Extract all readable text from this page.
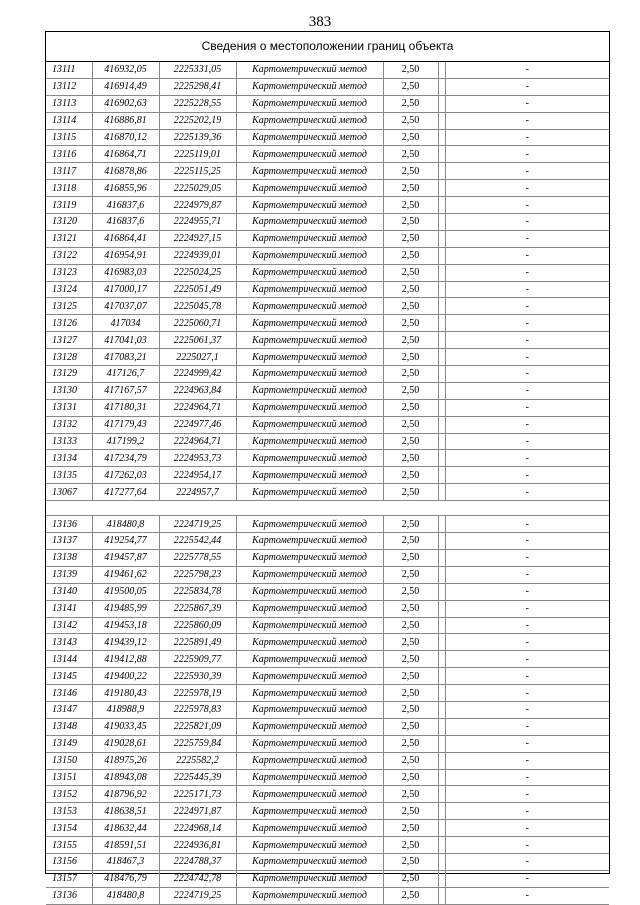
383
Сведения о местоположении границ объекта
13111	416932,05	2225331,05	Картометрический метод	2,50		-
13112	416914,49	2225298,41	Картометрический метод	2,50		-
13113	416902,63	2225228,55	Картометрический метод	2,50		-
13114	416886,81	2225202,19	Картометрический метод	2,50		-
13115	416870,12	2225139,36	Картометрический метод	2,50		-
13116	416864,71	2225119,01	Картометрический метод	2,50		-
13117	416878,86	2225115,25	Картометрический метод	2,50		-
13118	416855,96	2225029,05	Картометрический метод	2,50		-
13119	416837,6	2224979,87	Картометрический метод	2,50		-
13120	416837,6	2224955,71	Картометрический метод	2,50		-
13121	416864,41	2224927,15	Картометрический метод	2,50		-
13122	416954,91	2224939,01	Картометрический метод	2,50		-
13123	416983,03	2225024,25	Картометрический метод	2,50		-
13124	417000,17	2225051,49	Картометрический метод	2,50		-
13125	417037,07	2225045,78	Картометрический метод	2,50		-
13126	417034	2225060,71	Картометрический метод	2,50		-
13127	417041,03	2225061,37	Картометрический метод	2,50		-
13128	417083,21	2225027,1	Картометрический метод	2,50		-
13129	417126,7	2224999,42	Картометрический метод	2,50		-
13130	417167,57	2224963,84	Картометрический метод	2,50		-
13131	417180,31	2224964,71	Картометрический метод	2,50		-
13132	417179,43	2224977,46	Картометрический метод	2,50		-
13133	417199,2	2224964,71	Картометрический метод	2,50		-
13134	417234,79	2224953,73	Картометрический метод	2,50		-
13135	417262,03	2224954,17	Картометрический метод	2,50		-
13067	417277,64	2224957,7	Картометрический метод	2,50		-

13136	418480,8	2224719,25	Картометрический метод	2,50		-
13137	419254,77	2225542,44	Картометрический метод	2,50		-
13138	419457,87	2225778,55	Картометрический метод	2,50		-
13139	419461,62	2225798,23	Картометрический метод	2,50		-
13140	419500,05	2225834,78	Картометрический метод	2,50		-
13141	419485,99	2225867,39	Картометрический метод	2,50		-
13142	419453,18	2225860,09	Картометрический метод	2,50		-
13143	419439,12	2225891,49	Картометрический метод	2,50		-
13144	419412,88	2225909,77	Картометрический метод	2,50		-
13145	419400,22	2225930,39	Картометрический метод	2,50		-
13146	419180,43	2225978,19	Картометрический метод	2,50		-
13147	418988,9	2225978,83	Картометрический метод	2,50		-
13148	419033,45	2225821,09	Картометрический метод	2,50		-
13149	419028,61	2225759,84	Картометрический метод	2,50		-
13150	418975,26	2225582,2	Картометрический метод	2,50		-
13151	418943,08	2225445,39	Картометрический метод	2,50		-
13152	418796,92	2225171,73	Картометрический метод	2,50		-
13153	418638,51	2224971,87	Картометрический метод	2,50		-
13154	418632,44	2224968,14	Картометрический метод	2,50		-
13155	418591,51	2224936,81	Картометрический метод	2,50		-
13156	418467,3	2224788,37	Картометрический метод	2,50		-
13157	418476,79	2224742,78	Картометрический метод	2,50		-
13136	418480,8	2224719,25	Картометрический метод	2,50		-
